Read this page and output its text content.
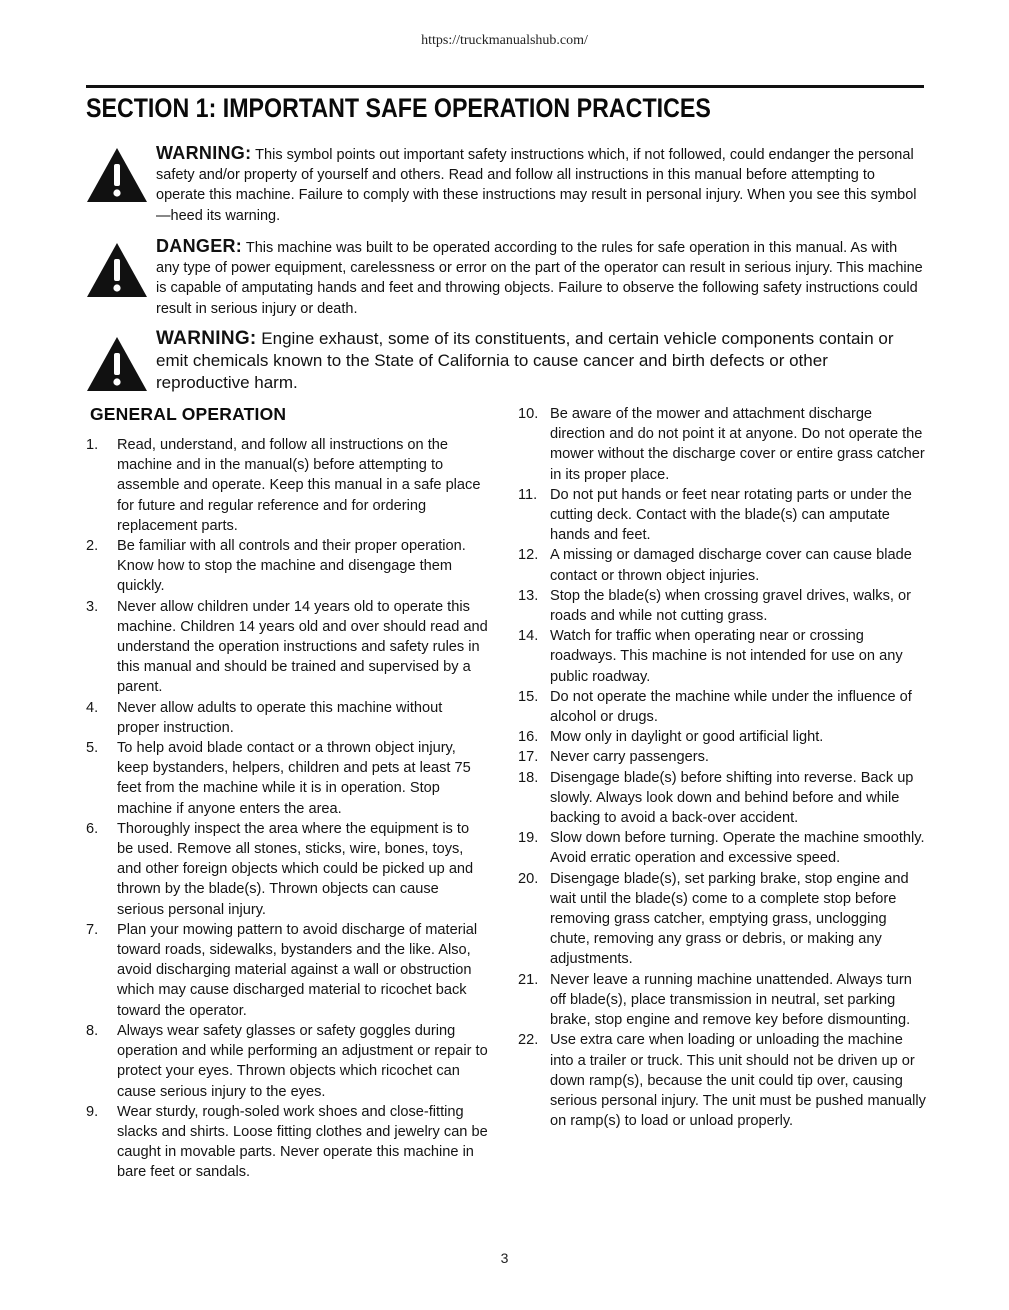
https://truckmanualshub.com/
SECTION 1: IMPORTANT SAFE OPERATION PRACTICES
WARNING: This symbol points out important safety instructions which, if not followed, could endanger the personal safety and/or property of yourself and others. Read and follow all instructions in this manual before attempting to operate this machine. Failure to comply with these instructions may result in personal injury. When you see this symbol—heed its warning.
DANGER: This machine was built to be operated according to the rules for safe operation in this manual. As with any type of power equipment, carelessness or error on the part of the operator can result in serious injury. This machine is capable of amputating hands and feet and throwing objects. Failure to observe the following safety instructions could result in serious injury or death.
WARNING: Engine exhaust, some of its constituents, and certain vehicle components contain or emit chemicals known to the State of California to cause cancer and birth defects or other reproductive harm.
GENERAL OPERATION
1. Read, understand, and follow all instructions on the machine and in the manual(s) before attempting to assemble and operate. Keep this manual in a safe place for future and regular reference and for ordering replacement parts.
2. Be familiar with all controls and their proper operation. Know how to stop the machine and disengage them quickly.
3. Never allow children under 14 years old to operate this machine. Children 14 years old and over should read and understand the operation instructions and safety rules in this manual and should be trained and supervised by a parent.
4. Never allow adults to operate this machine without proper instruction.
5. To help avoid blade contact or a thrown object injury, keep bystanders, helpers, children and pets at least 75 feet from the machine while it is in operation. Stop machine if anyone enters the area.
6. Thoroughly inspect the area where the equipment is to be used. Remove all stones, sticks, wire, bones, toys, and other foreign objects which could be picked up and thrown by the blade(s). Thrown objects can cause serious personal injury.
7. Plan your mowing pattern to avoid discharge of material toward roads, sidewalks, bystanders and the like. Also, avoid discharging material against a wall or obstruction which may cause discharged material to ricochet back toward the operator.
8. Always wear safety glasses or safety goggles during operation and while performing an adjustment or repair to protect your eyes. Thrown objects which ricochet can cause serious injury to the eyes.
9. Wear sturdy, rough-soled work shoes and close-fitting slacks and shirts. Loose fitting clothes and jewelry can be caught in movable parts. Never operate this machine in bare feet or sandals.
10. Be aware of the mower and attachment discharge direction and do not point it at anyone. Do not operate the mower without the discharge cover or entire grass catcher in its proper place.
11. Do not put hands or feet near rotating parts or under the cutting deck. Contact with the blade(s) can amputate hands and feet.
12. A missing or damaged discharge cover can cause blade contact or thrown object injuries.
13. Stop the blade(s) when crossing gravel drives, walks, or roads and while not cutting grass.
14. Watch for traffic when operating near or crossing roadways. This machine is not intended for use on any public roadway.
15. Do not operate the machine while under the influence of alcohol or drugs.
16. Mow only in daylight or good artificial light.
17. Never carry passengers.
18. Disengage blade(s) before shifting into reverse. Back up slowly. Always look down and behind before and while backing to avoid a back-over accident.
19. Slow down before turning. Operate the machine smoothly. Avoid erratic operation and excessive speed.
20. Disengage blade(s), set parking brake, stop engine and wait until the blade(s) come to a complete stop before removing grass catcher, emptying grass, unclogging chute, removing any grass or debris, or making any adjustments.
21. Never leave a running machine unattended. Always turn off blade(s), place transmission in neutral, set parking brake, stop engine and remove key before dismounting.
22. Use extra care when loading or unloading the machine into a trailer or truck. This unit should not be driven up or down ramp(s), because the unit could tip over, causing serious personal injury. The unit must be pushed manually on ramp(s) to load or unload properly.
3
